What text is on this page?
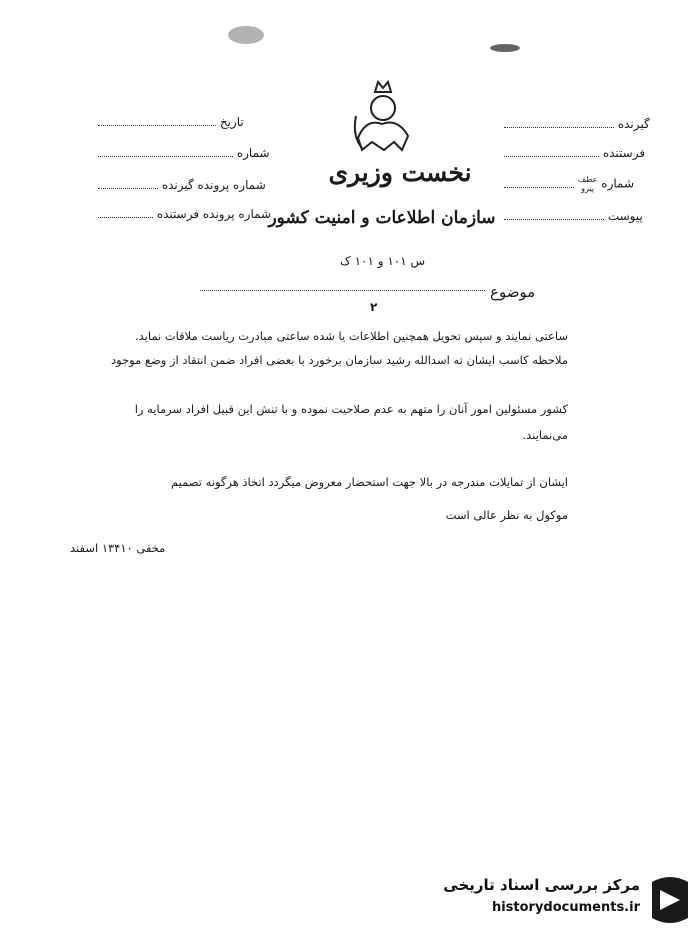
تاریخ
شماره
شماره پرونده گیرنده
شماره پرونده فرستنده
گیرنده
فرستنده
شماره عطف
پیرو
پیوست
نخست وزیری
سازمان اطلاعات و امنیت کشور
س ۱۰۱ و ۱۰۱ ک
موضوع
۲
ساعتی نمایند و سپس تحویل همچنین اطلاعات یا شده ساعتی مبادرت ریاست ملاقات نماید.
ملاحظه کاسب ایشان ته اسدالله رشید سازمان برخورد با بعضی افراد ضمن انتقاد از وضع موجود
کشور مسئولین امور آنان را متهم به عدم صلاحیت نموده و با تنش این قبیل افراد سرمایه را
می‌نمایند.
ایشان از تمایلات مندرجه در بالا جهت استحضار معروض میگردد اتخاذ هرگونه تصمیم
موکول به نظر عالی است
مخفی ۱۳۴۱۰ اسفند
مرکز بررسی اسناد تاریخی
historydocuments.ir
